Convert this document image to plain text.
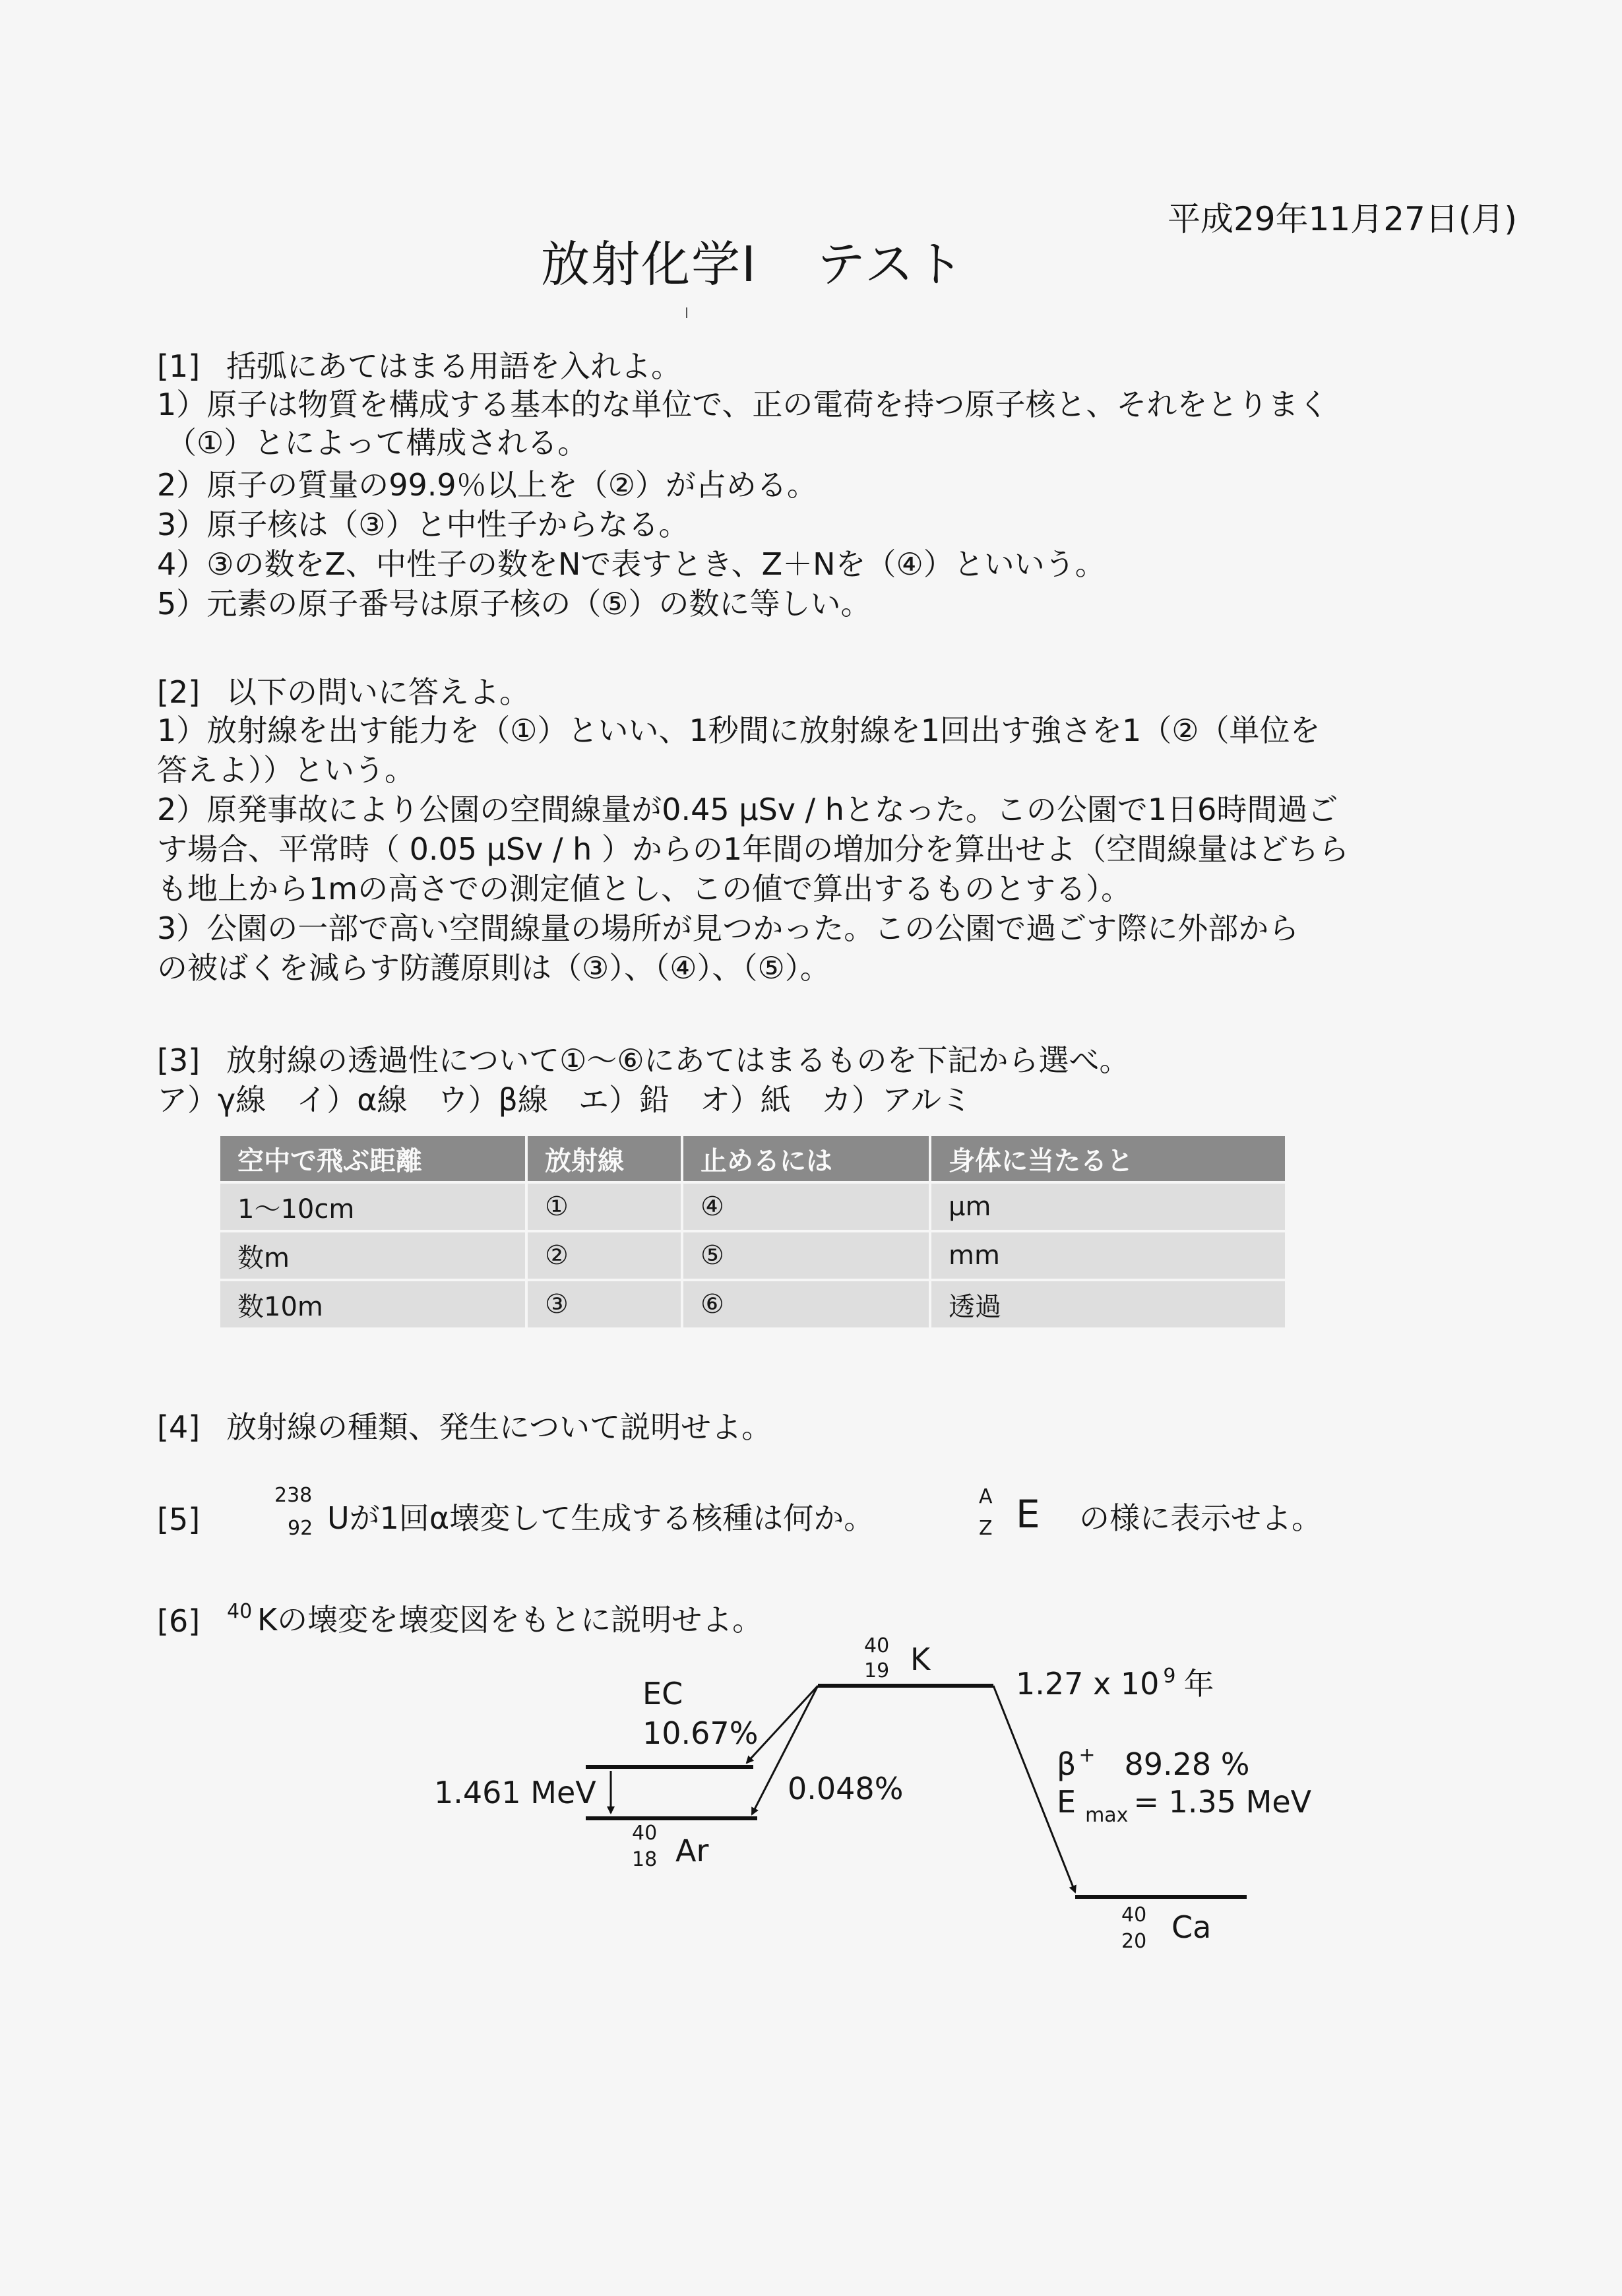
平成29年11月27日(月)
放射化学Ⅰ テスト
[1] 括弧にあてはまる用語を入れよ。
1）原子は物質を構成する基本的な単位で、正の電荷を持つ原子核と、それをとりまく
（①）とによって構成される。
2）原子の質量の99.9％以上を（②）が占める。
3）原子核は（③）と中性子からなる。
4）③の数をZ、中性子の数をNで表すとき、Z＋Nを（④）といいう。
5）元素の原子番号は原子核の（⑤）の数に等しい。
[2] 以下の問いに答えよ。
1）放射線を出す能力を（①）といい、1秒間に放射線を1回出す強さを1（②（単位を
答えよ））という。
2）原発事故により公園の空間線量が0.45 μSv / hとなった。この公園で1日6時間過ご
す場合、平常時（ 0.05 μSv / h ）からの1年間の増加分を算出せよ（空間線量はどちら
も地上から1mの高さでの測定値とし、この値で算出するものとする）。
3）公園の一部で高い空間線量の場所が見つかった。この公園で過ごす際に外部から
の被ばくを減らす防護原則は（③）、（④）、（⑤）。
[3] 放射線の透過性について①～⑥にあてはまるものを下記から選べ。
ア）γ線　イ）α線　ウ）β線　エ）鉛　オ）紙　カ）アルミ
空中で飛ぶ距離	放射線	止めるには	身体に当たると
1～10cm	①	④	μm
数m	②	⑤	mm
数10m	③	⑥	透過
[4] 放射線の種類、発生について説明せよ。
[5]
238
92 Uが1回α壊変して生成する核種は何か。
A
Z E の様に表示せよ。
[6] 40 Kの壊変を壊変図をもとに説明せよ。
40
19 K
1.27 x 10 $^9$ 年
EC
10.67%
0.048%
1.461 MeV
40
18 Ar
β + 89.28 %
E $_{max}$ = 1.35 MeV
40
20 Ca
